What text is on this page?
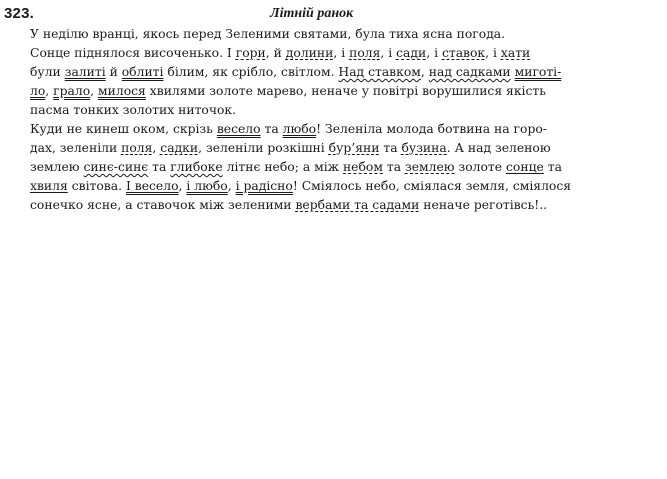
323.	Літній ранок
У неділю вранці, якось перед Зеленими святами, була тиха ясна погода.
Сонце піднялося височенько. І гори, й долини, і поля, і сади, і ставок, і хати
були залиті й облиті білим, як срібло, світлом. Над ставком, над садками миготі-
ло, грало, милося хвилями золоте марево, неначе у повітрі ворушилися якість
пасма тонких золотих ниточок.
Куди не кинеш оком, скрізь весело та любо! Зеленіла молода ботвина на горо-
дах, зеленіли поля, садки, зеленіли розкішні бур’яни та бузина. А над зеленою
землею синє-синє та глибоке літнє небо; а між небом та землею золоте сонце та
хвиля світова. І весело, і любо, і радісно! Сміялось небо, сміялася земля, сміялося
сонечко ясне, а ставочок між зеленими вербами та садами неначе реготівсь!..
